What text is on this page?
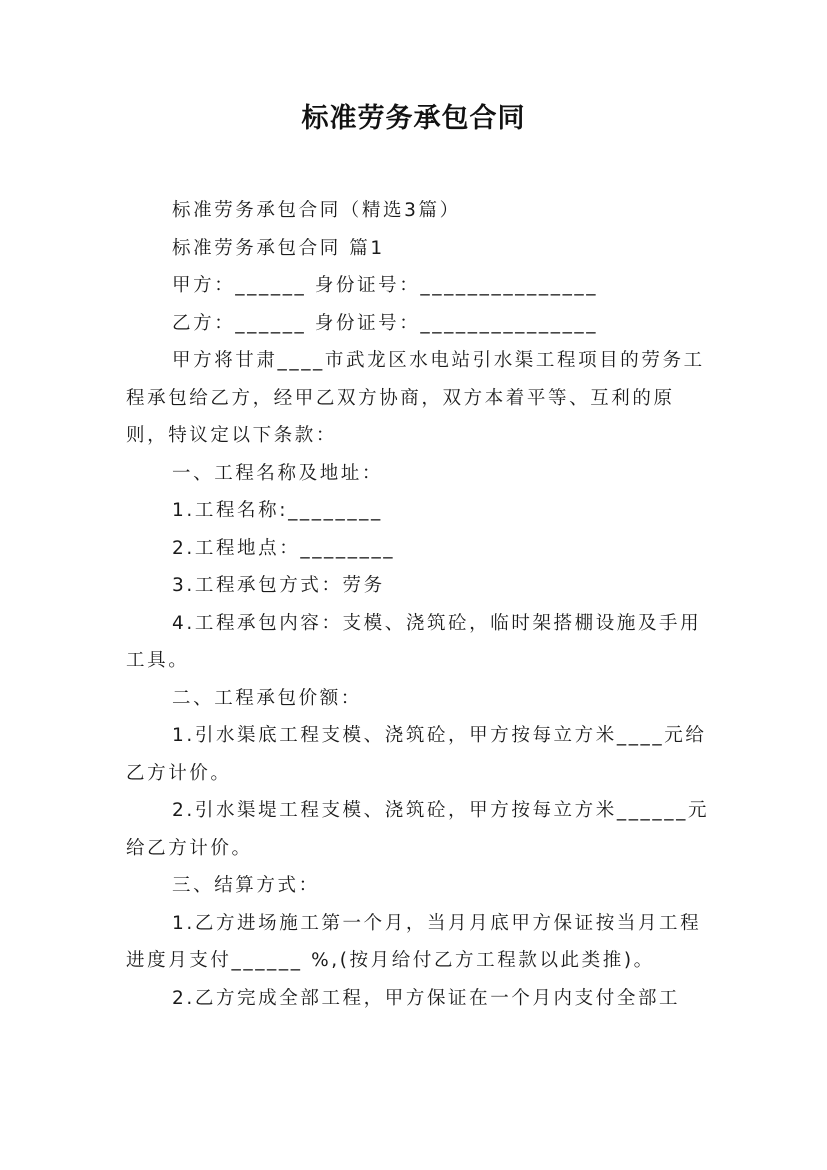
标准劳务承包合同

标准劳务承包合同（精选3篇）

标准劳务承包合同 篇1

甲方：______ 身份证号：_______________

乙方：______ 身份证号：_______________

甲方将甘肃____市武龙区水电站引水渠工程项目的劳务工程承包给乙方，经甲乙双方协商，双方本着平等、互利的原则，特议定以下条款：

一、工程名称及地址：

1.工程名称:________

2.工程地点：________

3.工程承包方式：劳务

4.工程承包内容：支模、浇筑砼，临时架搭棚设施及手用工具。

二、工程承包价额：

1.引水渠底工程支模、浇筑砼，甲方按每立方米____元给乙方计价。

2.引水渠堤工程支模、浇筑砼，甲方按每立方米______元给乙方计价。

三、结算方式：

1.乙方进场施工第一个月，当月月底甲方保证按当月工程进度月支付______ %,(按月给付乙方工程款以此类推)。

2.乙方完成全部工程，甲方保证在一个月内支付全部工
